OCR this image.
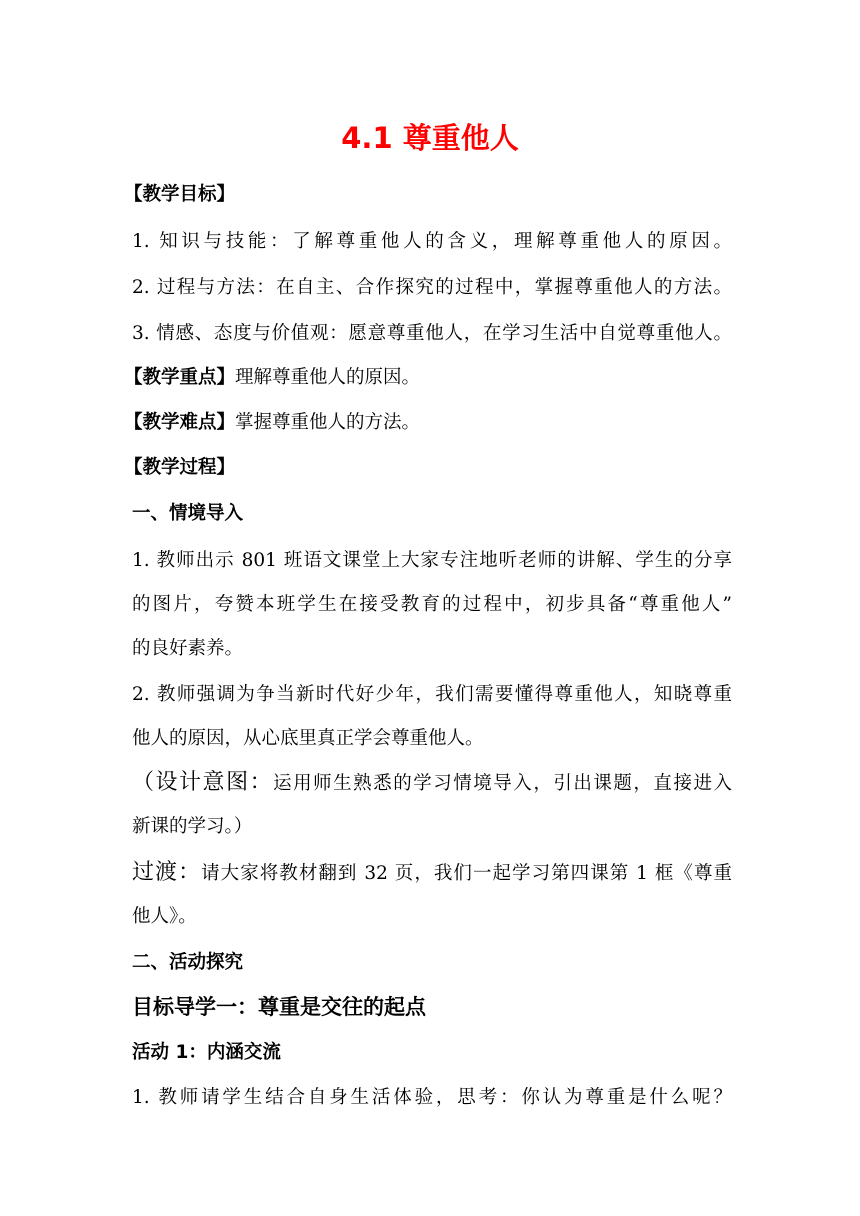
4.1 尊重他人
【教学目标】
1. 知识与技能：了解尊重他人的含义，理解尊重他人的原因。
2. 过程与方法：在自主、合作探究的过程中，掌握尊重他人的方法。
3. 情感、态度与价值观：愿意尊重他人，在学习生活中自觉尊重他人。
【教学重点】理解尊重他人的原因。
【教学难点】掌握尊重他人的方法。
【教学过程】
一、情境导入
1. 教师出示 801 班语文课堂上大家专注地听老师的讲解、学生的分享
的图片，夸赞本班学生在接受教育的过程中，初步具备“尊重他人”
的良好素养。
2. 教师强调为争当新时代好少年，我们需要懂得尊重他人，知晓尊重
他人的原因，从心底里真正学会尊重他人。
（设计意图：运用师生熟悉的学习情境导入，引出课题，直接进入
新课的学习。）
过渡：请大家将教材翻到 32 页，我们一起学习第四课第 1 框《尊重
他人》。
二、活动探究
目标导学一：尊重是交往的起点
活动 1：内涵交流
1. 教师请学生结合自身生活体验，思考：你认为尊重是什么呢？
